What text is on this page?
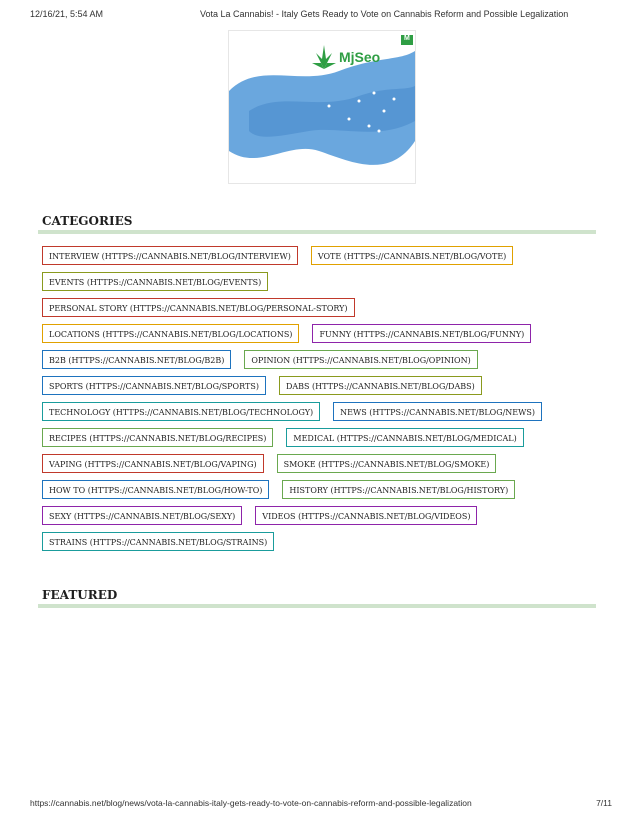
12/16/21, 5:54 AM	Vota La Cannabis! - Italy Gets Ready to Vote on Cannabis Reform and Possible Legalization
MjSeo
M
CATEGORIES
INTERVIEW (HTTPS://CANNABIS.NET/BLOG/INTERVIEW)	VOTE (HTTPS://CANNABIS.NET/BLOG/VOTE)
EVENTS (HTTPS://CANNABIS.NET/BLOG/EVENTS)
PERSONAL STORY (HTTPS://CANNABIS.NET/BLOG/PERSONAL-STORY)
LOCATIONS (HTTPS://CANNABIS.NET/BLOG/LOCATIONS)	FUNNY (HTTPS://CANNABIS.NET/BLOG/FUNNY)
B2B (HTTPS://CANNABIS.NET/BLOG/B2B)	OPINION (HTTPS://CANNABIS.NET/BLOG/OPINION)
SPORTS (HTTPS://CANNABIS.NET/BLOG/SPORTS)	DABS (HTTPS://CANNABIS.NET/BLOG/DABS)
TECHNOLOGY (HTTPS://CANNABIS.NET/BLOG/TECHNOLOGY)	NEWS (HTTPS://CANNABIS.NET/BLOG/NEWS)
RECIPES (HTTPS://CANNABIS.NET/BLOG/RECIPES)	MEDICAL (HTTPS://CANNABIS.NET/BLOG/MEDICAL)
VAPING (HTTPS://CANNABIS.NET/BLOG/VAPING)	SMOKE (HTTPS://CANNABIS.NET/BLOG/SMOKE)
HOW TO (HTTPS://CANNABIS.NET/BLOG/HOW-TO)	HISTORY (HTTPS://CANNABIS.NET/BLOG/HISTORY)
SEXY (HTTPS://CANNABIS.NET/BLOG/SEXY)	VIDEOS (HTTPS://CANNABIS.NET/BLOG/VIDEOS)
STRAINS (HTTPS://CANNABIS.NET/BLOG/STRAINS)
FEATURED
https://cannabis.net/blog/news/vota-la-cannabis-italy-gets-ready-to-vote-on-cannabis-reform-and-possible-legalization	7/11
